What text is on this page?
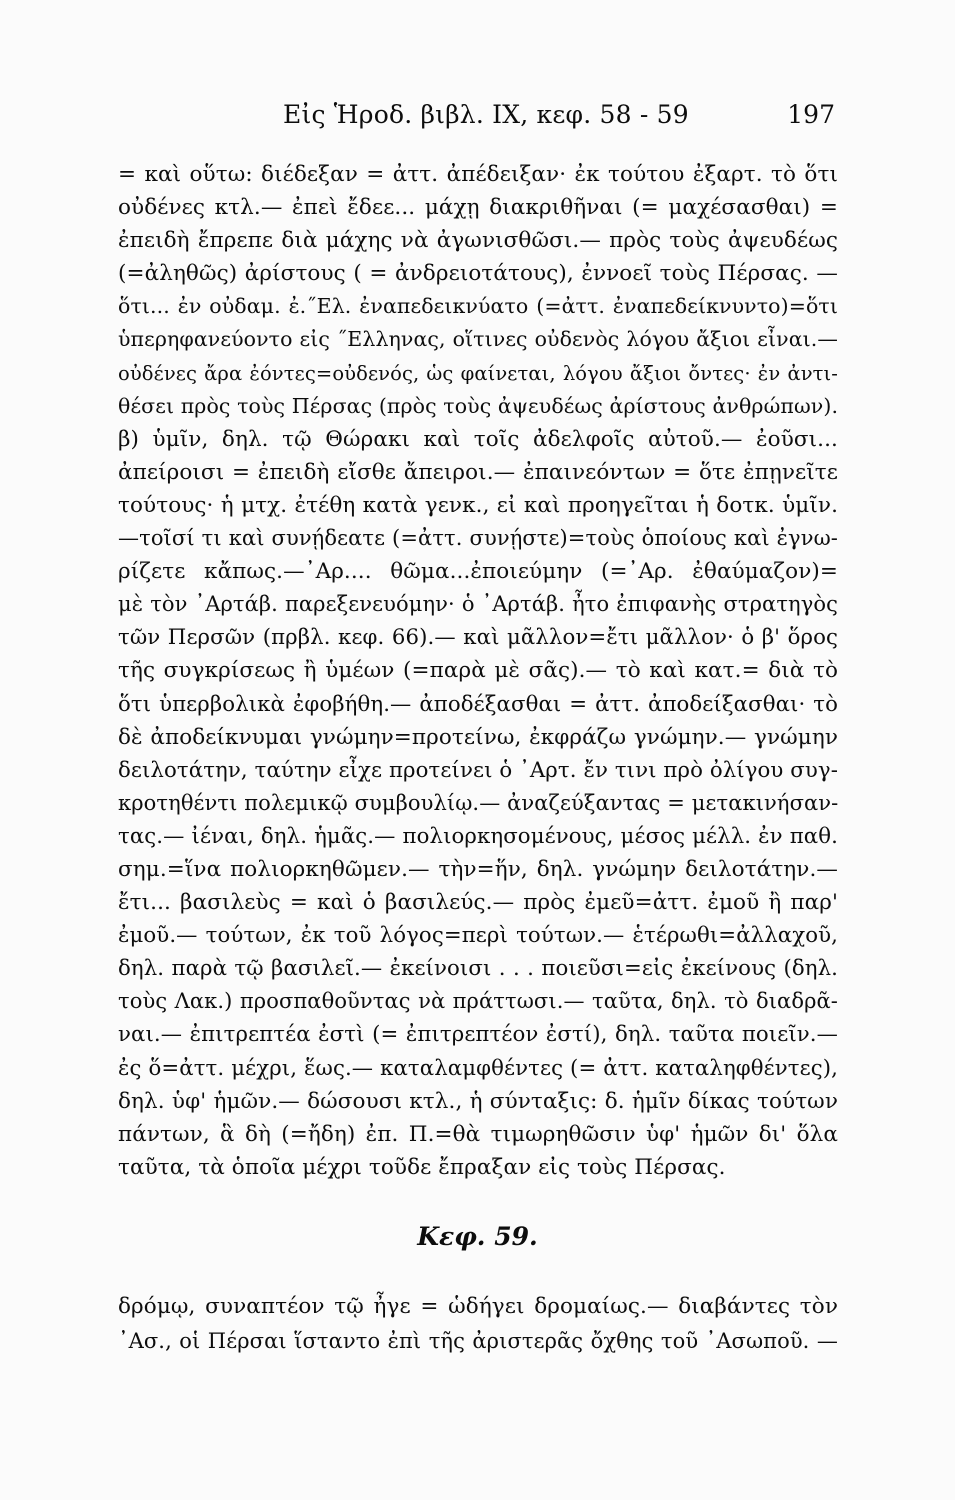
Εἰς Ἡροδ. βιβλ. IX, κεφ. 58 - 59	197
= καὶ οὕτω: διέδεξαν = ἀττ. ἀπέδειξαν· ἐκ τούτου ἐξαρτ. τὸ ὅτι
οὐδένες κτλ.— ἐπεὶ ἔδεε... μάχῃ διακριθῆναι (= μαχέσασθαι) =
ἐπειδὴ ἔπρεπε διὰ μάχης νὰ ἀγωνισθῶσι.— πρὸς τοὺς ἀψευδέως
(=ἀληθῶς) ἀρίστους ( = ἀνδρειοτάτους), ἐννοεῖ τοὺς Πέρσας. —
ὅτι... ἐν οὐδαμ. ἐ.˝Ελ. ἐναπεδεικνύατο (=ἀττ. ἐναπεδείκνυντο)=ὅτι
ὑπερηφανεύοντο εἰς ˝Ελληνας, οἵτινες οὐδενὸς λόγου ἄξιοι εἶναι.—
οὐδένες ἄρα ἐόντες=οὐδενός, ὡς φαίνεται, λόγου ἄξιοι ὄντες· ἐν ἀντι-
θέσει πρὸς τοὺς Πέρσας (πρὸς τοὺς ἀψευδέως ἀρίστους ἀνθρώπων).
β) ὑμῖν, δηλ. τῷ Θώρακι καὶ τοῖς ἀδελφοῖς αὐτοῦ.— ἐοῦσι...
ἀπείροισι = ἐπειδὴ εἴσθε ἄπειροι.— ἐπαινεόντων = ὅτε ἐπῃνεῖτε
τούτους· ἡ μτχ. ἐτέθη κατὰ γενκ., εἰ καὶ προηγεῖται ἡ δοτκ. ὑμῖν.
—τοῖσί τι καὶ συνῄδεατε (=ἀττ. συνῄστε)=τοὺς ὁποίους καὶ ἐγνω-
ρίζετε κἄπως.—᾽Αρ.... θῶμα...ἐποιεύμην (=᾽Αρ. ἐθαύμαζον)=
μὲ τὸν ᾽Αρτάβ. παρεξενευόμην· ὁ ᾽Αρτάβ. ἦτο ἐπιφανὴς στρατηγὸς
τῶν Περσῶν (πρβλ. κεφ. 66).— καὶ μᾶλλον=ἔτι μᾶλλον· ὁ β' ὅρος
τῆς συγκρίσεως ἢ ὑμέων (=παρὰ μὲ σᾶς).— τὸ καὶ κατ.= διὰ τὸ
ὅτι ὑπερβολικὰ ἐφοβήθη.— ἀποδέξασθαι = ἀττ. ἀποδείξασθαι· τὸ
δὲ ἀποδείκνυμαι γνώμην=προτείνω, ἐκφράζω γνώμην.— γνώμην
δειλοτάτην, ταύτην εἶχε προτείνει ὁ ᾽Αρτ. ἔν τινι πρὸ ὀλίγου συγ-
κροτηθέντι πολεμικῷ συμβουλίῳ.— ἀναζεύξαντας = μετακινήσαν-
τας.— ἰέναι, δηλ. ἡμᾶς.— πολιορκησομένους, μέσος μέλλ. ἐν παθ.
σημ.=ἵνα πολιορκηθῶμεν.— τὴν=ἥν, δηλ. γνώμην δειλοτάτην.—
ἔτι... βασιλεὺς = καὶ ὁ βασιλεύς.— πρὸς ἐμεῦ=ἀττ. ἐμοῦ ἢ παρ'
ἐμοῦ.— τούτων, ἐκ τοῦ λόγος=περὶ τούτων.— ἑτέρωθι=ἀλλαχοῦ,
δηλ. παρὰ τῷ βασιλεῖ.— ἐκείνοισι . . . ποιεῦσι=εἰς ἐκείνους (δηλ.
τοὺς Λακ.) προσπαθοῦντας νὰ πράττωσι.— ταῦτα, δηλ. τὸ διαδρᾶ-
ναι.— ἐπιτρεπτέα ἐστὶ (= ἐπιτρεπτέον ἐστί), δηλ. ταῦτα ποιεῖν.—
ἐς ὅ=ἀττ. μέχρι, ἕως.— καταλαμφθέντες (= ἀττ. καταληφθέντες),
δηλ. ὑφ' ἡμῶν.— δώσουσι κτλ., ἡ σύνταξις: δ. ἡμῖν δίκας τούτων
πάντων, ἃ δὴ (=ἤδη) ἐπ. Π.=θὰ τιμωρηθῶσιν ὑφ' ἡμῶν δι' ὅλα
ταῦτα, τὰ ὁποῖα μέχρι τοῦδε ἔπραξαν εἰς τοὺς Πέρσας.
Κεφ. 59.
δρόμῳ, συναπτέον τῷ ἦγε = ὡδήγει δρομαίως.— διαβάντες τὸν
᾽Ασ., οἱ Πέρσαι ἵσταντο ἐπὶ τῆς ἀριστερᾶς ὄχθης τοῦ ᾽Ασωποῦ. —
